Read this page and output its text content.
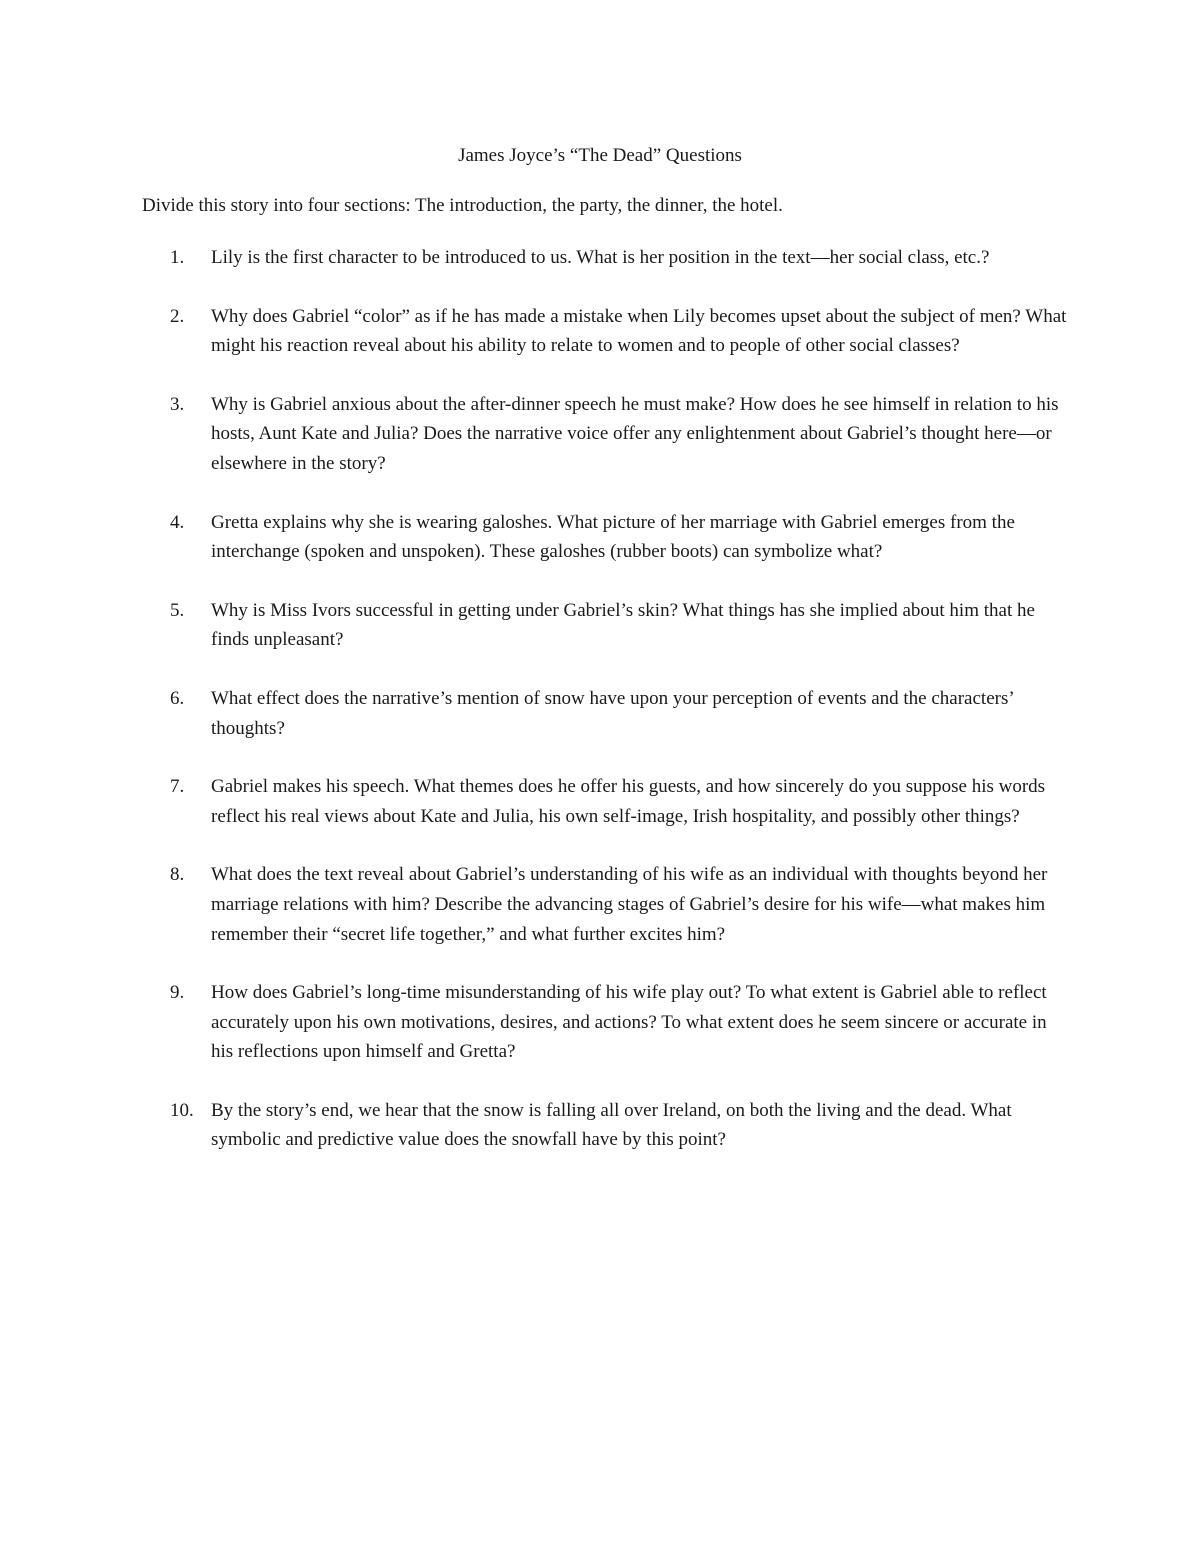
James Joyce’s “The Dead” Questions

Divide this story into four sections: The introduction, the party, the dinner, the hotel.

1.	Lily is the first character to be introduced to us. What is her position in the text—her social class, etc.?
2.	Why does Gabriel “color” as if he has made a mistake when Lily becomes upset about the subject of men? What might his reaction reveal about his ability to relate to women and to people of other social classes?
3.	Why is Gabriel anxious about the after-dinner speech he must make? How does he see himself in relation to his hosts, Aunt Kate and Julia? Does the narrative voice offer any enlightenment about Gabriel’s thought here—or elsewhere in the story?
4.	Gretta explains why she is wearing galoshes. What picture of her marriage with Gabriel emerges from the interchange (spoken and unspoken). These galoshes (rubber boots) can symbolize what?
5.	Why is Miss Ivors successful in getting under Gabriel’s skin? What things has she implied about him that he finds unpleasant?
6.	What effect does the narrative’s mention of snow have upon your perception of events and the characters’ thoughts?
7.	Gabriel makes his speech. What themes does he offer his guests, and how sincerely do you suppose his words reflect his real views about Kate and Julia, his own self-image, Irish hospitality, and possibly other things?
8.	What does the text reveal about Gabriel’s understanding of his wife as an individual with thoughts beyond her marriage relations with him? Describe the advancing stages of Gabriel’s desire for his wife—what makes him remember their “secret life together,” and what further excites him?
9.	How does Gabriel’s long-time misunderstanding of his wife play out? To what extent is Gabriel able to reflect accurately upon his own motivations, desires, and actions? To what extent does he seem sincere or accurate in his reflections upon himself and Gretta?
10. By the story’s end, we hear that the snow is falling all over Ireland, on both the living and the dead. What symbolic and predictive value does the snowfall have by this point?
